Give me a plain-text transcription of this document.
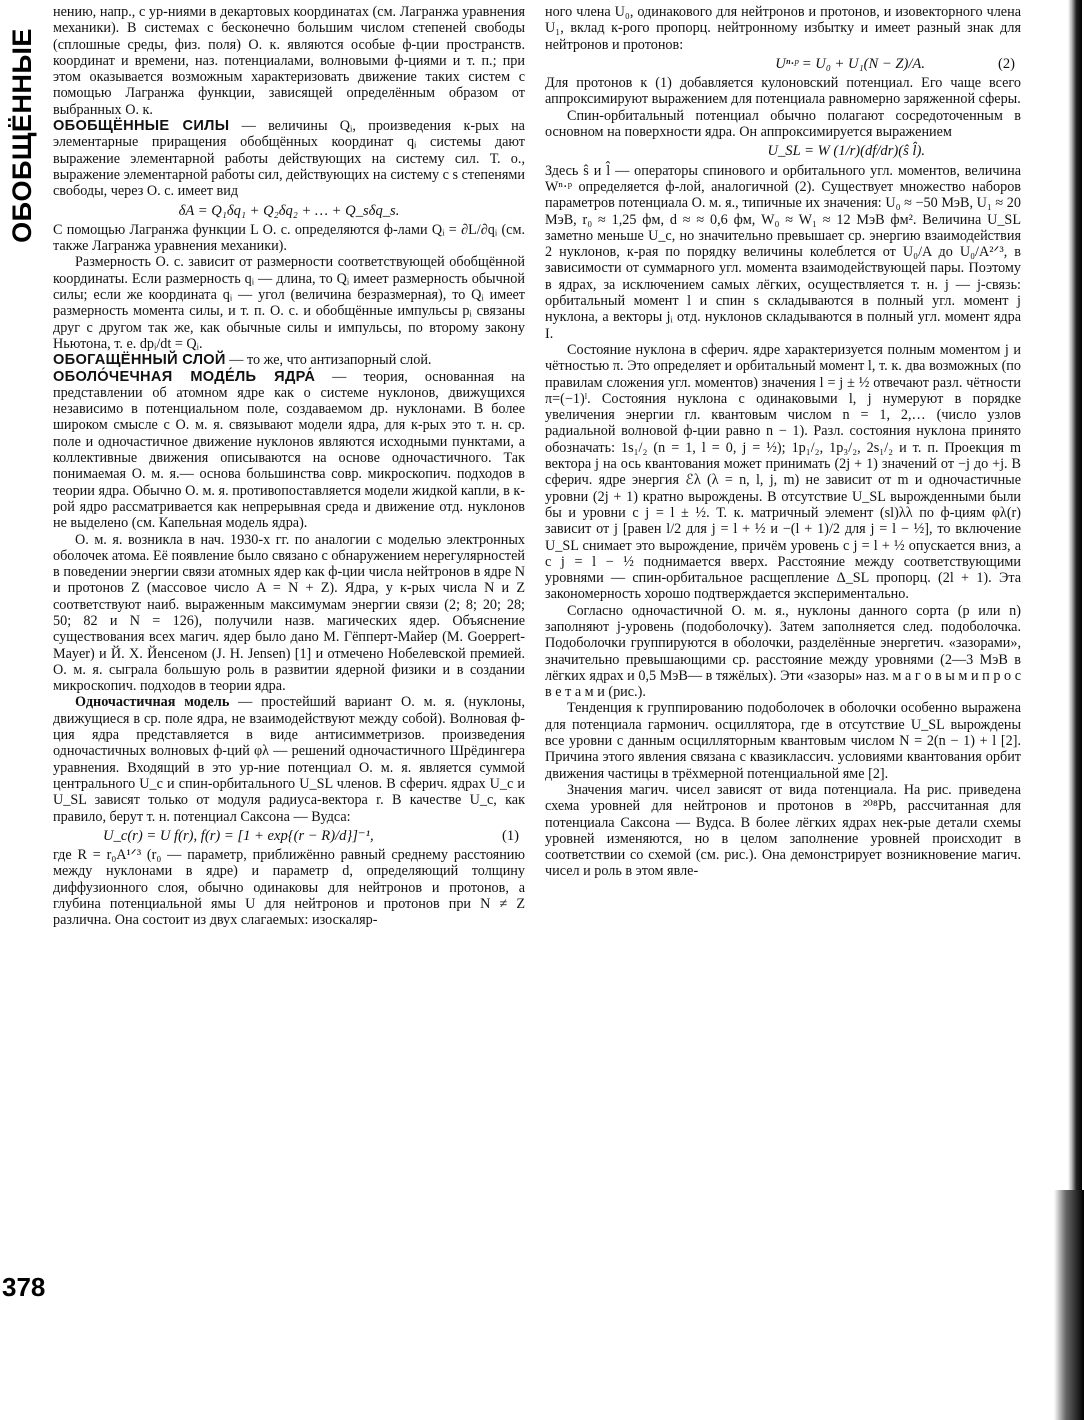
ОБОБЩЁННЫЕ
378

нению, напр., с ур-ниями в декартовых координатах (см. Лагранжа уравнения механики). В системах с бесконечно большим числом степеней свободы (сплошные среды, физ. поля) О. к. являются особые ф-ции пространств. координат и времени, наз. потенциалами, волновыми ф-циями и т. п.; при этом оказывается возможным характеризовать движение таких систем с помощью Лагранжа функции, зависящей определённым образом от выбранных О. к.

ОБОБЩЁННЫЕ СИЛЫ — величины Qᵢ, произведения к-рых на элементарные приращения обобщённых координат qᵢ системы дают выражение элементарной работы действующих на систему сил. Т. о., выражение элементарной работы сил, действующих на систему с s степенями свободы, через О. с. имеет вид

δA = Q₁δq₁ + Q₂δq₂ + … + Q_sδq_s.

С помощью Лагранжа функции L О. с. определяются ф-лами Qᵢ = ∂L/∂qᵢ (см. также Лагранжа уравнения механики).

Размерность О. с. зависит от размерности соответствующей обобщённой координаты. Если размерность qᵢ — длина, то Qᵢ имеет размерность обычной силы; если же координата qᵢ — угол (величина безразмерная), то Qᵢ имеет размерность момента силы, и т. п. О. с. и обобщённые импульсы pᵢ связаны друг с другом так же, как обычные силы и импульсы, по второму закону Ньютона, т. е. dpᵢ/dt = Qᵢ.

ОБОГАЩЁННЫЙ СЛОЙ — то же, что антизапорный слой.

ОБОЛО́ЧЕЧНАЯ МОДЕ́ЛЬ ЯДРА́ — теория, основанная на представлении об атомном ядре как о системе нуклонов, движущихся независимо в потенциальном поле, создаваемом др. нуклонами. В более широком смысле с О. м. я. связывают модели ядра, для к-рых это т. н. ср. поле и одночастичное движение нуклонов являются исходными пунктами, а коллективные движения описываются на основе одночастичного. Так понимаемая О. м. я.— основа большинства совр. микроскопич. подходов в теории ядра. Обычно О. м. я. противопоставляется модели жидкой капли, в к-рой ядро рассматривается как непрерывная среда и движение отд. нуклонов не выделено (см. Капельная модель ядра).

О. м. я. возникла в нач. 1930-х гг. по аналогии с моделью электронных оболочек атома. Её появление было связано с обнаружением нерегулярностей в поведении энергии связи атомных ядер как ф-ции числа нейтронов в ядре N и протонов Z (массовое число A = N + Z). Ядра, у к-рых числа N и Z соответствуют наиб. выраженным максимумам энергии связи (2; 8; 20; 28; 50; 82 и N = 126), получили назв. магических ядер. Объяснение существования всех магич. ядер было дано М. Гёпперт-Майер (M. Goeppert-Mayer) и Й. Х. Йенсеном (J. H. Jensen) [1] и отмечено Нобелевской премией. О. м. я. сыграла большую роль в развитии ядерной физики и в создании микроскопич. подходов в теории ядра.

Одночастичная модель — простейший вариант О. м. я. (нуклоны, движущиеся в ср. поле ядра, не взаимодействуют между собой). Волновая ф-ция ядра представляется в виде антисимметризов. произведения одночастичных волновых ф-ций φλ — решений одночастичного Шрёдингера уравнения. Входящий в это ур-ние потенциал О. м. я. является суммой центрального U_c и спин-орбитального U_SL членов. В сферич. ядрах U_c и U_SL зависят только от модуля радиуса-вектора r. В качестве U_c, как правило, берут т. н. потенциал Саксона — Вудса:

U_c(r) = U f(r), f(r) = [1 + exp{(r − R)/d}]⁻¹,	(1)

где R = r₀A¹ᐟ³ (r₀ — параметр, приближённо равный среднему расстоянию между нуклонами в ядре) и параметр d, определяющий толщину диффузионного слоя, обычно одинаковы для нейтронов и протонов, а глубина потенциальной ямы U для нейтронов и протонов при N ≠ Z различна. Она состоит из двух слагаемых: изоскаляр-

ного члена U₀, одинакового для нейтронов и протонов, и изовекторного члена U₁, вклад к-рого пропорц. нейтронному избытку и имеет разный знак для нейтронов и протонов:

Uⁿ·ᵖ = U₀ + U₁(N − Z)/A.	(2)

Для протонов к (1) добавляется кулоновский потенциал. Его чаще всего аппроксимируют выражением для потенциала равномерно заряженной сферы.

Спин-орбитальный потенциал обычно полагают сосредоточенным в основном на поверхности ядра. Он аппроксимируется выражением

U_SL = W (1/r)(df/dr)(ŝ l̂).

Здесь ŝ и l̂ — операторы спинового и орбитального угл. моментов, величина Wⁿ·ᵖ определяется ф-лой, аналогичной (2). Существует множество наборов параметров потенциала О. м. я., типичные их значения: U₀ ≈ −50 МэВ, U₁ ≈ 20 МэВ, r₀ ≈ 1,25 фм, d ≈ ≈ 0,6 фм, W₀ ≈ W₁ ≈ 12 МэВ фм². Величина U_SL заметно меньше U_c, но значительно превышает ср. энергию взаимодействия 2 нуклонов, к-рая по порядку величины колеблется от U₀/A до U₀/A²ᐟ³, в зависимости от суммарного угл. момента взаимодействующей пары. Поэтому в ядрах, за исключением самых лёгких, осуществляется т. н. j — j-связь: орбитальный момент l и спин s складываются в полный угл. момент j нуклона, а векторы jᵢ отд. нуклонов складываются в полный угл. момент ядра I.

Состояние нуклона в сферич. ядре характеризуется полным моментом j и чётностью π. Это определяет и орбитальный момент l, т. к. два возможных (по правилам сложения угл. моментов) значения l = j ± ½ отвечают разл. чётности π=(−1)ˡ. Состояния нуклона с одинаковыми l, j нумеруют в порядке увеличения энергии гл. квантовым числом n = 1, 2,… (число узлов радиальной волновой ф-ции равно n − 1). Разл. состояния нуклона принято обозначать: 1s₁/₂ (n = 1, l = 0, j = ½); 1p₁/₂, 1p₃/₂, 2s₁/₂ и т. п. Проекция m вектора j на ось квантования может принимать (2j + 1) значений от −j до +j. В сферич. ядре энергия ℰλ (λ = n, l, j, m) не зависит от m и одночастичные уровни (2j + 1) кратно вырождены. В отсутствие U_SL вырожденными были бы и уровни с j = l ± ½. Т. к. матричный элемент (sl)λλ по ф-циям φλ(r) зависит от j [равен l/2 для j = l + ½ и −(l + 1)/2 для j = l − ½], то включение U_SL снимает это вырождение, причём уровень с j = l + ½ опускается вниз, а с j = l − ½ поднимается вверх. Расстояние между соответствующими уровнями — спин-орбитальное расщепление Δ_SL пропорц. (2l + 1). Эта закономерность хорошо подтверждается экспериментально.

Согласно одночастичной О. м. я., нуклоны данного сорта (p или n) заполняют j-уровень (подоболочку). Затем заполняется след. подоболочка. Подоболочки группируются в оболочки, разделённые энергетич. «зазорами», значительно превышающими ср. расстояние между уровнями (2—3 МэВ в лёгких ядрах и 0,5 МэВ— в тяжёлых). Эти «зазоры» наз. м а г о в ы м и п р о с в е т а м и (рис.).

Тенденция к группированию подоболочек в оболочки особенно выражена для потенциала гармонич. осциллятора, где в отсутствие U_SL вырождены все уровни с данным осцилляторным квантовым числом N = 2(n − 1) + l [2]. Причина этого явления связана с квазиклассич. условиями квантования орбит движения частицы в трёхмерной потенциальной яме [2].

Значения магич. чисел зависят от вида потенциала. На рис. приведена схема уровней для нейтронов и протонов в ²⁰⁸Pb, рассчитанная для потенциала Саксона — Вудса. В более лёгких ядрах нек-рые детали схемы уровней изменяются, но в целом заполнение уровней происходит в соответствии со схемой (см. рис.). Она демонстрирует возникновение магич. чисел и роль в этом явле-
